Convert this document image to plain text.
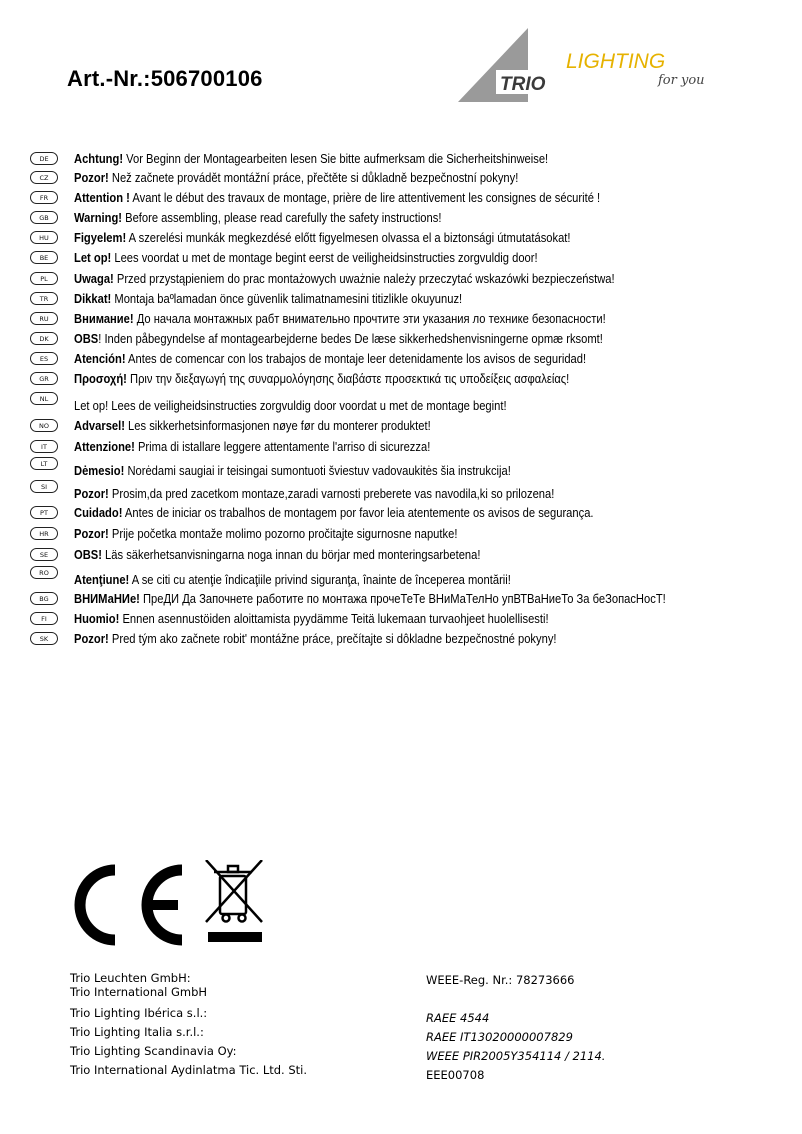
Art.-Nr.:506700106	TRIO
LIGHTING
for you
DE	Achtung! Vor Beginn der Montagearbeiten lesen Sie bitte aufmerksam die Sicherheitshinweise!
CZ	Pozor! Než začnete provádět montážní práce, přečtěte si důkladně bezpečnostní pokyny!
FR	Attention ! Avant le début des travaux de montage, prière de lire attentivement les consignes de sécurité !
GB	Warning! Before assembling, please read carefully the safety instructions!
HU	Figyelem! A szerelési munkák megkezdésé előtt figyelmesen olvassa el a biztonsági útmutatásokat!
BE	Let op! Lees voordat u met de montage begint eerst de veiligheidsinstructies zorgvuldig door!
PL	Uwaga! Przed przystąpieniem do prac montażowych uważnie należy przeczytać wskazówki bezpieczeństwa!
TR	Dikkat! Montaja baºlamadan önce güvenlik talimatnamesini titizlikle okuyunuz!
RU	Внимание! До начала монтажных рабт внимательно прочтите эти указания ло технике безопасности!
DK	OBS! Inden påbegyndelse af montagearbejderne bedes De læse sikkerhedshenvisningerne opmæ rksomt!
ES	Atención! Antes de comencar con los trabajos de montaje leer detenidamente los avisos de seguridad!
GR	Προσοχή! Πριν την διεξαγωγή της συναρμολόγησης διαβάστε προσεκτικά τις υποδείξεις ασφαλείας!
NL	Let op! Lees de veiligheidsinstructies zorgvuldig door voordat u met de montage begint!
NO	Advarsel! Les sikkerhetsinformasjonen nøye før du monterer produktet!
IT	Attenzione! Prima di istallare leggere attentamente l'arriso di sicurezza!
LT	Dėmesio! Norėdami saugiai ir teisingai sumontuoti šviestuv vadovaukitės šia instrukcija!
SI	Pozor! Prosim,da pred zacetkom montaze,zaradi varnosti preberete vas navodila,ki so prilozena!
PT	Cuidado! Antes de iniciar os trabalhos de montagem por favor leia atentemente os avisos de segurança.
HR	Pozor! Prije početka montaže molimo pozorno pročitajte sigurnosne naputke!
SE	OBS! Läs säkerhetsanvisningarna noga innan du börjar med monteringsarbetena!
RO	Atenţiune! A se citi cu atenţie îndicaţiile privind siguranţa, înainte de începerea montării!
BG	ВНИМаНИе! ПреДИ Да Започнете работите по монтажа прочеТеТе ВНиМаТелНо упВТВаНиеТо За беЗопасНосТ!
FI	Huomio! Ennen asennustöiden aloittamista pyydämme Teitä lukemaan turvaohjeet huolellisesti!
SK	Pozor! Pred tým ako začnete robit' montážne práce, prečítajte si dôkladne bezpečnostné pokyny!
Trio Leuchten GmbH:
Trio International GmbH
Trio Lighting Ibérica s.l.:
Trio Lighting Italia s.r.l.:
Trio Lighting Scandinavia Oy:
Trio International Aydinlatma Tic. Ltd. Sti.
WEEE-Reg. Nr.: 78273666
RAEE 4544
RAEE IT13020000007829
WEEE PIR2005Y354114 / 2114.
EEE00708
